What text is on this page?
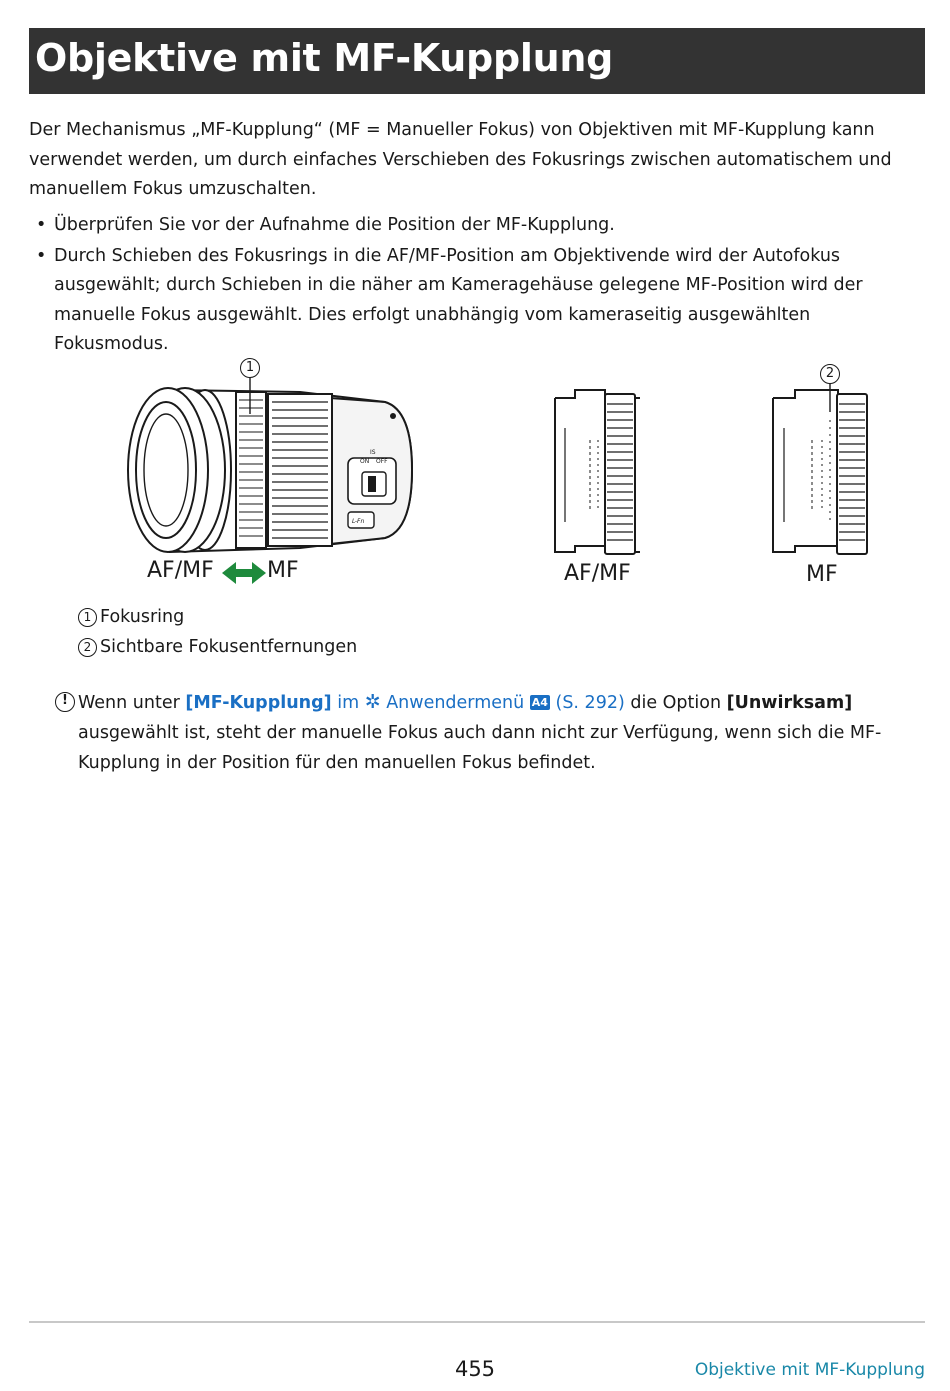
Objektive mit MF-Kupplung

Der Mechanismus „MF-Kupplung“ (MF = Manueller Fokus) von Objektiven mit MF-Kupplung kann verwendet werden, um durch einfaches Verschieben des Fokusrings zwischen automatischem und manuellem Fokus umzuschalten.

• Überprüfen Sie vor der Aufnahme die Position der MF-Kupplung.
• Durch Schieben des Fokusrings in die AF/MF-Position am Objektivende wird der Autofokus ausgewählt; durch Schieben in die näher am Kameragehäuse gelegene MF-Position wird der manuelle Fokus ausgewählt. Dies erfolgt unabhängig vom kameraseitig ausgewählten Fokusmodus.
IS
ON OFF
L-Fn
1	2
AF/MF MF	AF/MF	MF
1 Fokusring
2 Sichtbare Fokusentfernungen
! Wenn unter [MF-Kupplung] im ✲ Anwendermenü A4 (S. 292) die Option [Unwirksam] ausgewählt ist, steht der manuelle Fokus auch dann nicht zur Verfügung, wenn sich die MF-Kupplung in der Position für den manuellen Fokus befindet.
455	Objektive mit MF-Kupplung
